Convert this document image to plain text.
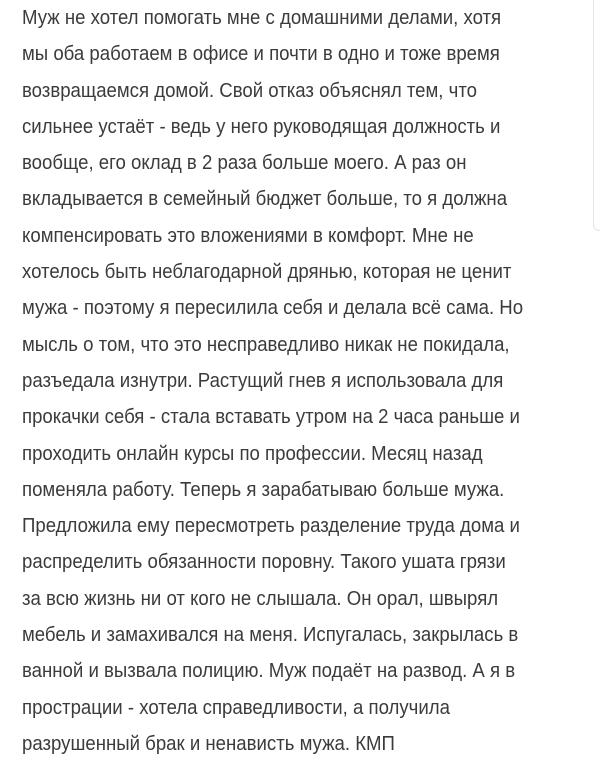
Муж не хотел помогать мне с домашними делами, хотя
мы оба работаем в офисе и почти в одно и тоже время
возвращаемся домой. Свой отказ объяснял тем, что
сильнее устаёт - ведь у него руководящая должность и
вообще, его оклад в 2 раза больше моего. А раз он
вкладывается в семейный бюджет больше, то я должна
компенсировать это вложениями в комфорт. Мне не
хотелось быть неблагодарной дрянью, которая не ценит
мужа - поэтому я пересилила себя и делала всё сама. Но
мысль о том, что это несправедливо никак не покидала,
разъедала изнутри. Растущий гнев я использовала для
прокачки себя - стала вставать утром на 2 часа раньше и
проходить онлайн курсы по профессии. Месяц назад
поменяла работу. Теперь я зарабатываю больше мужа.
Предложила ему пересмотреть разделение труда дома и
распределить обязанности поровну. Такого ушата грязи
за всю жизнь ни от кого не слышала. Он орал, швырял
мебель и замахивался на меня. Испугалась, закрылась в
ванной и вызвала полицию. Муж подаёт на развод. А я в
прострации - хотела справедливости, а получила
разрушенный брак и ненависть мужа. КМП
